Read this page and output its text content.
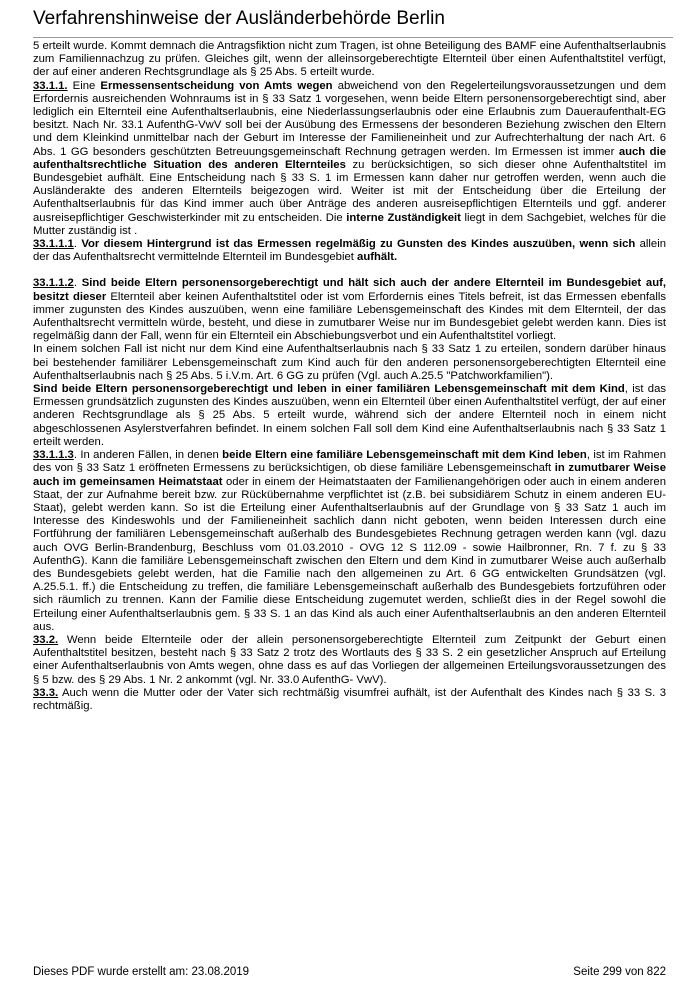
Verfahrenshinweise der Ausländerbehörde Berlin

5 erteilt wurde. Kommt demnach die Antragsfiktion nicht zum Tragen, ist ohne Beteiligung des BAMF eine Aufenthaltserlaubnis zum Familiennachzug zu prüfen. Gleiches gilt, wenn der alleinsorgeberechtigte Elternteil über einen Aufenthaltstitel verfügt, der auf einer anderen Rechtsgrundlage als § 25 Abs. 5 erteilt wurde.

33.1.1. Eine Ermessensentscheidung von Amts wegen abweichend von den Regelerteilungsvoraussetzungen und dem Erfordernis ausreichenden Wohnraums ist in § 33 Satz 1 vorgesehen, wenn beide Eltern personensorgeberechtigt sind, aber lediglich ein Elternteil eine Aufenthaltserlaubnis, eine Niederlassungserlaubnis oder eine Erlaubnis zum Daueraufenthalt-EG besitzt. Nach Nr. 33.1 AufenthG-VwV soll bei der Ausübung des Ermessens der besonderen Beziehung zwischen den Eltern und dem Kleinkind unmittelbar nach der Geburt im Interesse der Familieneinheit und zur Aufrechterhaltung der nach Art. 6 Abs. 1 GG besonders geschützten Betreuungsgemeinschaft Rechnung getragen werden. Im Ermessen ist immer auch die aufenthaltsrechtliche Situation des anderen Elternteiles zu berücksichtigen, so sich dieser ohne Aufenthaltstitel im Bundesgebiet aufhält. Eine Entscheidung nach § 33 S. 1 im Ermessen kann daher nur getroffen werden, wenn auch die Ausländerakte des anderen Elternteils beigezogen wird. Weiter ist mit der Entscheidung über die Erteilung der Aufenthaltserlaubnis für das Kind immer auch über Anträge des anderen ausreisepflichtigen Elternteils und ggf. anderer ausreisepflichtiger Geschwisterkinder mit zu entscheiden. Die interne Zuständigkeit liegt in dem Sachgebiet, welches für die Mutter zuständig ist .

33.1.1.1. Vor diesem Hintergrund ist das Ermessen regelmäßig zu Gunsten des Kindes auszuüben, wenn sich allein der das Aufenthaltsrecht vermittelnde Elternteil im Bundesgebiet aufhält.

33.1.1.2. Sind beide Eltern personensorgeberechtigt und hält sich auch der andere Elternteil im Bundesgebiet auf, besitzt dieser Elternteil aber keinen Aufenthaltstitel oder ist vom Erfordernis eines Titels befreit, ist das Ermessen ebenfalls immer zugunsten des Kindes auszuüben, wenn eine familiäre Lebensgemeinschaft des Kindes mit dem Elternteil, der das Aufenthaltsrecht vermitteln würde, besteht, und diese in zumutbarer Weise nur im Bundesgebiet gelebt werden kann. Dies ist regelmäßig dann der Fall, wenn für ein Elternteil ein Abschiebungsverbot und ein Aufenthaltstitel vorliegt.

In einem solchen Fall ist nicht nur dem Kind eine Aufenthaltserlaubnis nach § 33 Satz 1 zu erteilen, sondern darüber hinaus bei bestehender familiärer Lebensgemeinschaft zum Kind auch für den anderen personensorgeberechtigten Elternteil eine Aufenthaltserlaubnis nach § 25 Abs. 5 i.V.m. Art. 6 GG zu prüfen (Vgl. auch A.25.5 "Patchworkfamilien").

Sind beide Eltern personensorgeberechtigt und leben in einer familiären Lebensgemeinschaft mit dem Kind, ist das Ermessen grundsätzlich zugunsten des Kindes auszuüben, wenn ein Elternteil über einen Aufenthaltstitel verfügt, der auf einer anderen Rechtsgrundlage als § 25 Abs. 5 erteilt wurde, während sich der andere Elternteil noch in einem nicht abgeschlossenen Asylerstverfahren befindet. In einem solchen Fall soll dem Kind eine Aufenthaltserlaubnis nach § 33 Satz 1 erteilt werden.

33.1.1.3. In anderen Fällen, in denen beide Eltern eine familiäre Lebensgemeinschaft mit dem Kind leben, ist im Rahmen des von § 33 Satz 1 eröffneten Ermessens zu berücksichtigen, ob diese familiäre Lebensgemeinschaft in zumutbarer Weise auch im gemeinsamen Heimatstaat oder in einem der Heimatstaaten der Familienangehörigen oder auch in einem anderen Staat, der zur Aufnahme bereit bzw. zur Rückübernahme verpflichtet ist (z.B. bei subsidiärem Schutz in einem anderen EU-Staat), gelebt werden kann. So ist die Erteilung einer Aufenthaltserlaubnis auf der Grundlage von § 33 Satz 1 auch im Interesse des Kindeswohls und der Familieneinheit sachlich dann nicht geboten, wenn beiden Interessen durch eine Fortführung der familiären Lebensgemeinschaft außerhalb des Bundesgebietes Rechnung getragen werden kann (vgl. dazu auch OVG Berlin-Brandenburg, Beschluss vom 01.03.2010 - OVG 12 S 112.09 - sowie Hailbronner, Rn. 7 f. zu § 33 AufenthG). Kann die familiäre Lebensgemeinschaft zwischen den Eltern und dem Kind in zumutbarer Weise auch außerhalb des Bundesgebiets gelebt werden, hat die Familie nach den allgemeinen zu Art. 6 GG entwickelten Grundsätzen (vgl. A.25.5.1. ff.) die Entscheidung zu treffen, die familiäre Lebensgemeinschaft außerhalb des Bundesgebiets fortzuführen oder sich räumlich zu trennen. Kann der Familie diese Entscheidung zugemutet werden, schließt dies in der Regel sowohl die Erteilung einer Aufenthaltserlaubnis gem. § 33 S. 1 an das Kind als auch einer Aufenthaltserlaubnis an den anderen Elternteil aus.

33.2. Wenn beide Elternteile oder der allein personensorgeberechtigte Elternteil zum Zeitpunkt der Geburt einen Aufenthaltstitel besitzen, besteht nach § 33 Satz 2 trotz des Wortlauts des § 33 S. 2 ein gesetzlicher Anspruch auf Erteilung einer Aufenthaltserlaubnis von Amts wegen, ohne dass es auf das Vorliegen der allgemeinen Erteilungsvoraussetzungen des § 5 bzw. des § 29 Abs. 1 Nr. 2 ankommt (vgl. Nr. 33.0 AufenthG- VwV).

33.3. Auch wenn die Mutter oder der Vater sich rechtmäßig visumfrei aufhält, ist der Aufenthalt des Kindes nach § 33 S. 3 rechtmäßig.

Dieses PDF wurde erstellt am: 23.08.2019	Seite 299 von 822
